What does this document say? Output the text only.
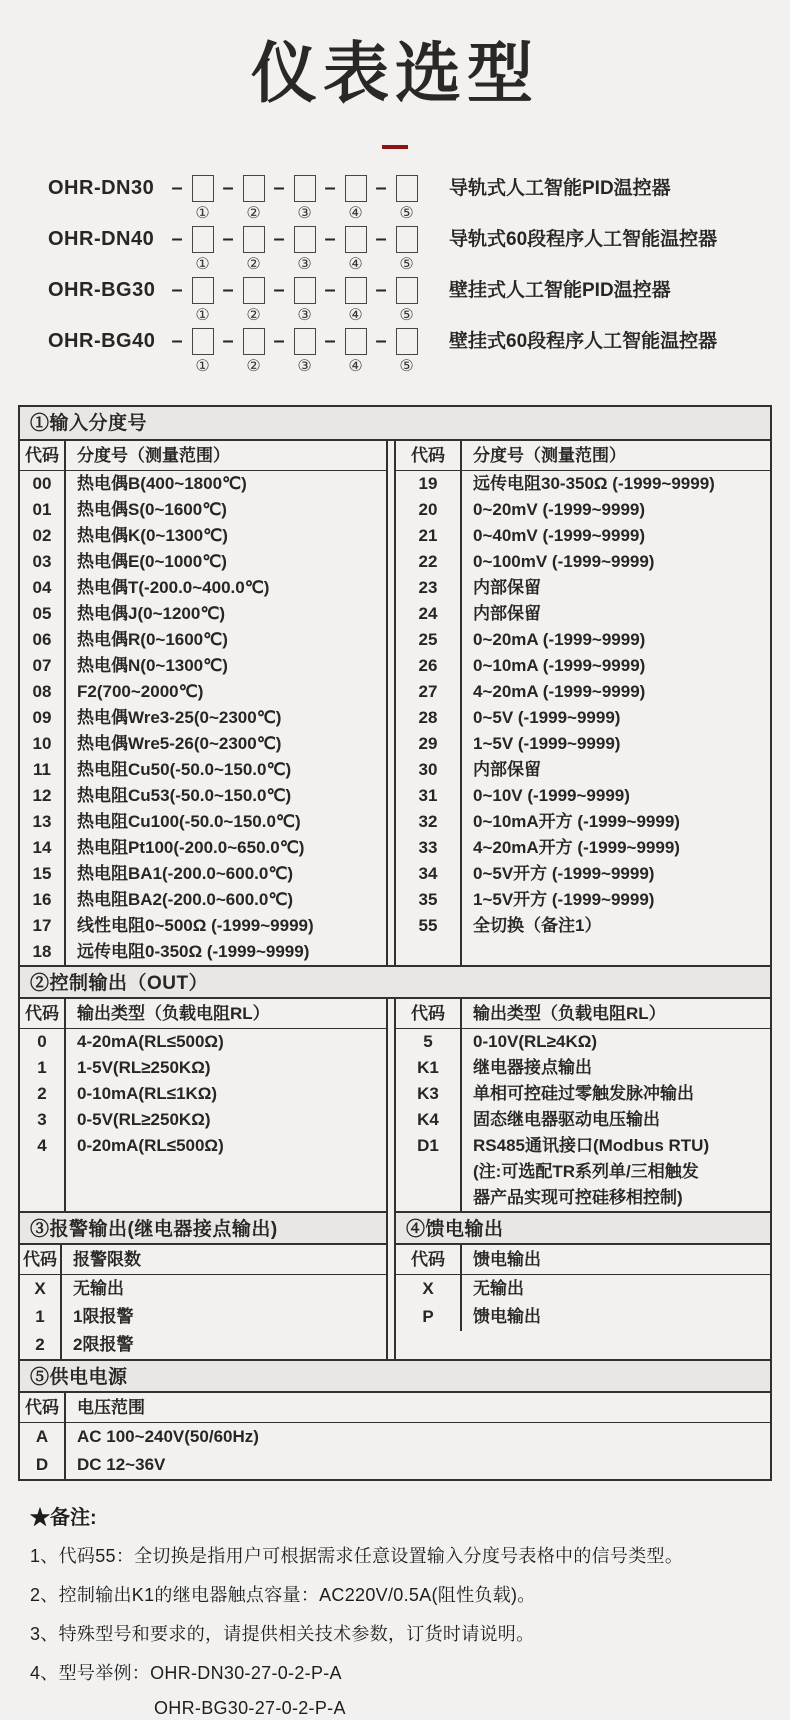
仪表选型
OHR-DN30 –
①
–
②
–
③
–
④
–
⑤
导轨式人工智能PID温控器
OHR-DN40 –
①
–
②
–
③
–
④
–
⑤
导轨式60段程序人工智能温控器
OHR-BG30 –
①
–
②
–
③
–
④
–
⑤
壁挂式人工智能PID温控器
OHR-BG40 –
①
–
②
–
③
–
④
–
⑤
壁挂式60段程序人工智能温控器
①输入分度号
代码	分度号（测量范围）
00	热电偶B(400~1800℃)
01	热电偶S(0~1600℃)
02	热电偶K(0~1300℃)
03	热电偶E(0~1000℃)
04	热电偶T(-200.0~400.0℃)
05	热电偶J(0~1200℃)
06	热电偶R(0~1600℃)
07	热电偶N(0~1300℃)
08	F2(700~2000℃)
09	热电偶Wre3-25(0~2300℃)
10	热电偶Wre5-26(0~2300℃)
11	热电阻Cu50(-50.0~150.0℃)
12	热电阻Cu53(-50.0~150.0℃)
13	热电阻Cu100(-50.0~150.0℃)
14	热电阻Pt100(-200.0~650.0℃)
15	热电阻BA1(-200.0~600.0℃)
16	热电阻BA2(-200.0~600.0℃)
17	线性电阻0~500Ω (-1999~9999)
18	远传电阻0-350Ω (-1999~9999)
代码	分度号（测量范围）
19	远传电阻30-350Ω (-1999~9999)
20	0~20mV (-1999~9999)
21	0~40mV (-1999~9999)
22	0~100mV (-1999~9999)
23	内部保留
24	内部保留
25	0~20mA (-1999~9999)
26	0~10mA (-1999~9999)
27	4~20mA (-1999~9999)
28	0~5V (-1999~9999)
29	1~5V (-1999~9999)
30	内部保留
31	0~10V (-1999~9999)
32	0~10mA开方 (-1999~9999)
33	4~20mA开方 (-1999~9999)
34	0~5V开方 (-1999~9999)
35	1~5V开方 (-1999~9999)
55	全切换（备注1）
②控制输出（OUT）
代码	输出类型（负载电阻RL）
0	4-20mA(RL≤500Ω)
1	1-5V(RL≥250KΩ)
2	0-10mA(RL≤1KΩ)
3	0-5V(RL≥250KΩ)
4	0-20mA(RL≤500Ω)
代码	输出类型（负载电阻RL）
5	0-10V(RL≥4KΩ)
K1	继电器接点输出
K3	单相可控硅过零触发脉冲输出
K4	固态继电器驱动电压输出
D1	RS485通讯接口(Modbus RTU)
(注:可选配TR系列单/三相触发
器产品实现可控硅移相控制)
③报警输出(继电器接点输出)
代码 报警限数
X	无输出
1	1限报警
2	2限报警
④馈电输出
代码	馈电输出
X	无输出
P	馈电输出
⑤供电电源
代码	电压范围
A	AC 100~240V(50/60Hz)
D	DC 12~36V
★备注:
1、代码55：全切换是指用户可根据需求任意设置输入分度号表格中的信号类型。
2、控制输出K1的继电器触点容量：AC220V/0.5A(阻性负载)。
3、特殊型号和要求的，请提供相关技术参数，订货时请说明。
4、型号举例：OHR-DN30-27-0-2-P-A
OHR-BG30-27-0-2-P-A
